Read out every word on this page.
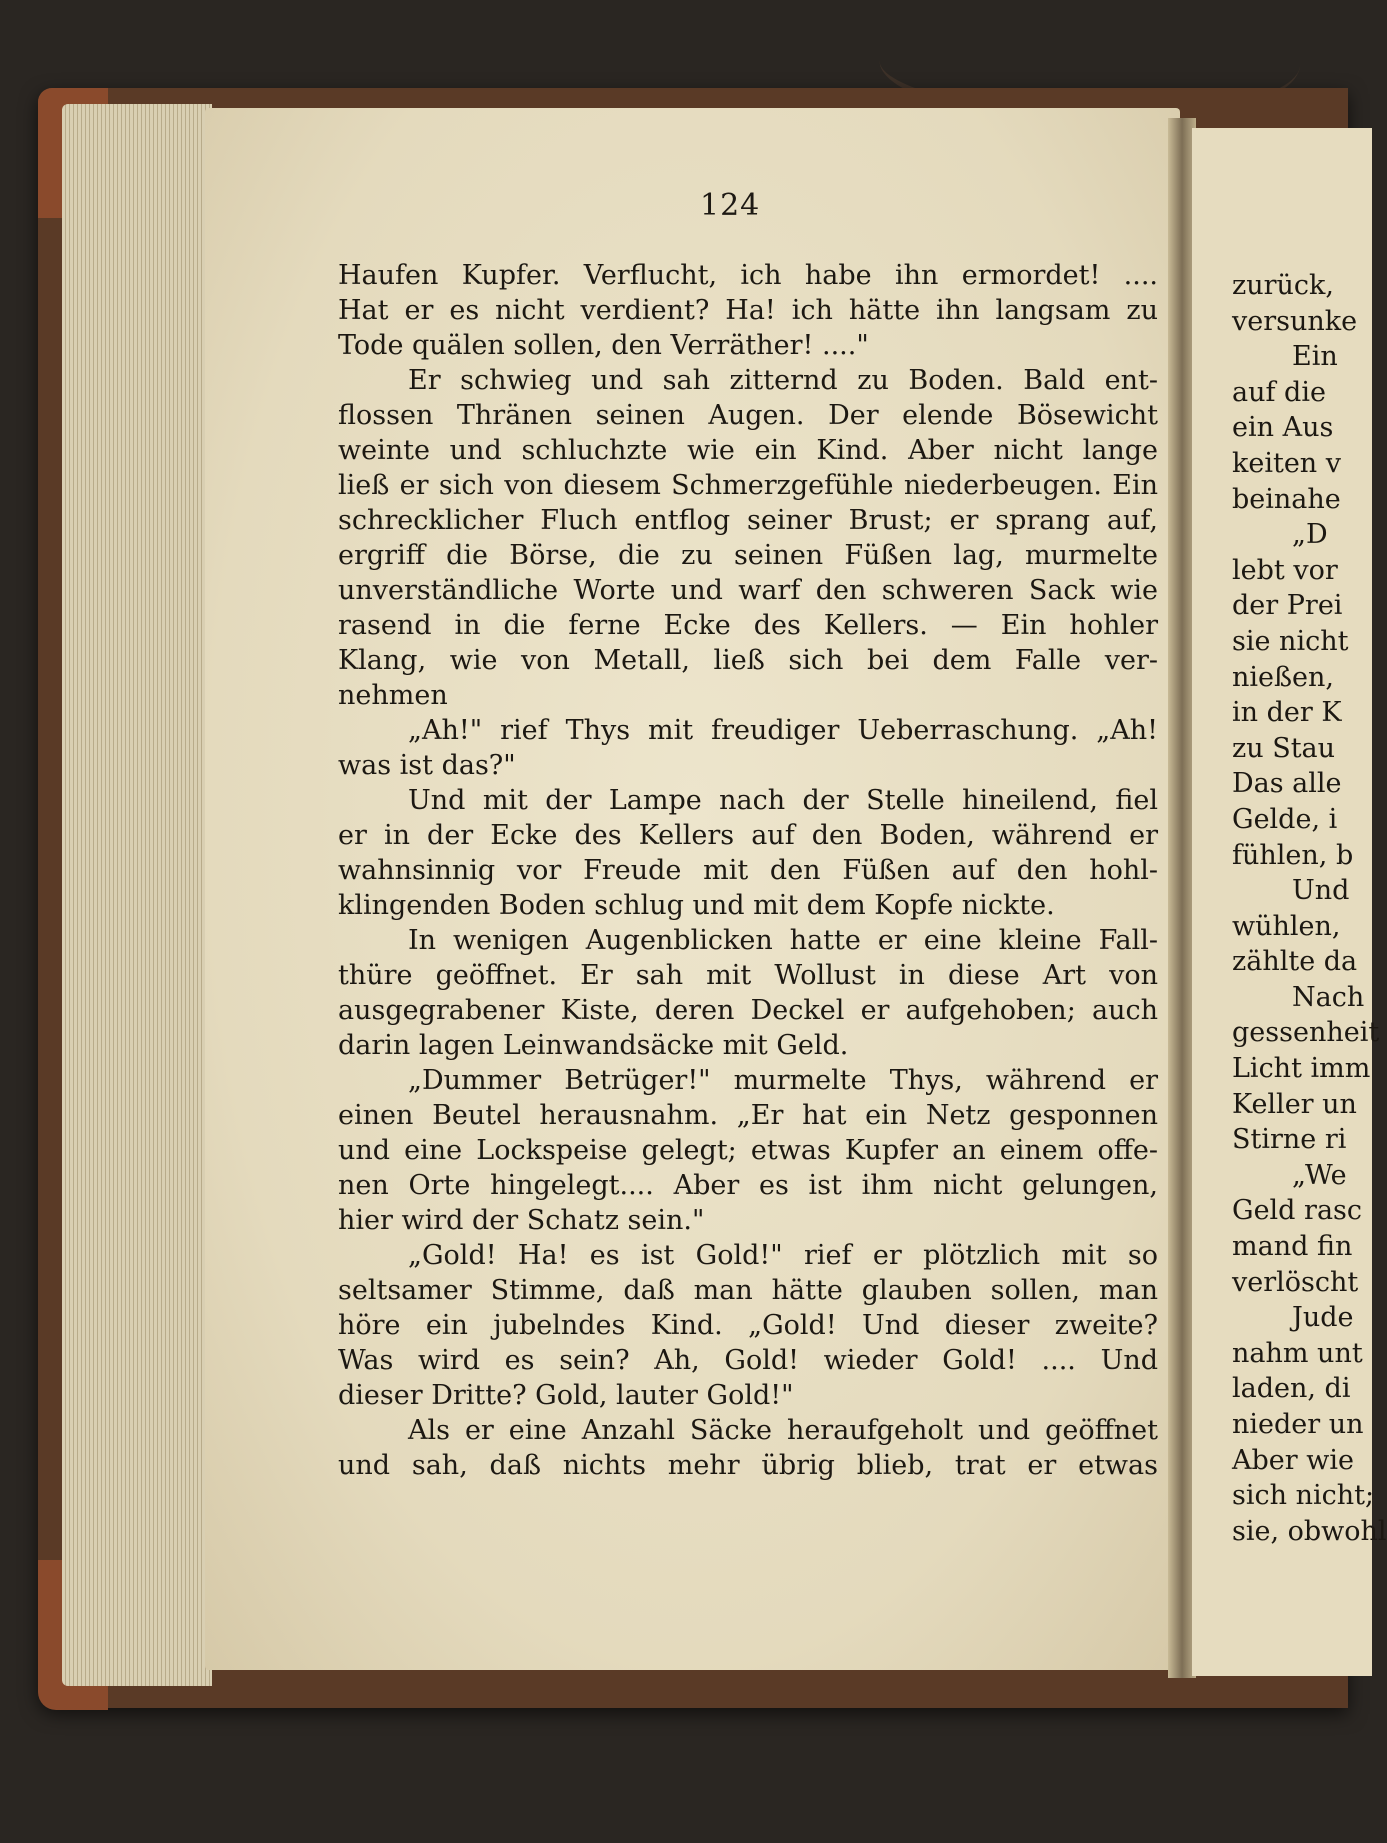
124
Haufen Kupfer. Verflucht, ich habe ihn ermordet! ....
Hat er es nicht verdient? Ha! ich hätte ihn langsam zu
Tode quälen sollen, den Verräther! ...."
Er schwieg und sah zitternd zu Boden. Bald ent-
flossen Thränen seinen Augen. Der elende Bösewicht
weinte und schluchzte wie ein Kind. Aber nicht lange
ließ er sich von diesem Schmerzgefühle niederbeugen. Ein
schrecklicher Fluch entflog seiner Brust; er sprang auf,
ergriff die Börse, die zu seinen Füßen lag, murmelte
unverständliche Worte und warf den schweren Sack wie
rasend in die ferne Ecke des Kellers. — Ein hohler
Klang, wie von Metall, ließ sich bei dem Falle ver-
nehmen
„Ah!" rief Thys mit freudiger Ueberraschung. „Ah!
was ist das?"
Und mit der Lampe nach der Stelle hineilend, fiel
er in der Ecke des Kellers auf den Boden, während er
wahnsinnig vor Freude mit den Füßen auf den hohl-
klingenden Boden schlug und mit dem Kopfe nickte.
In wenigen Augenblicken hatte er eine kleine Fall-
thüre geöffnet. Er sah mit Wollust in diese Art von
ausgegrabener Kiste, deren Deckel er aufgehoben; auch
darin lagen Leinwandsäcke mit Geld.
„Dummer Betrüger!" murmelte Thys, während er
einen Beutel herausnahm. „Er hat ein Netz gesponnen
und eine Lockspeise gelegt; etwas Kupfer an einem offe-
nen Orte hingelegt.... Aber es ist ihm nicht gelungen,
hier wird der Schatz sein."
„Gold! Ha! es ist Gold!" rief er plötzlich mit so
seltsamer Stimme, daß man hätte glauben sollen, man
höre ein jubelndes Kind. „Gold! Und dieser zweite?
Was wird es sein? Ah, Gold! wieder Gold! .... Und
dieser Dritte? Gold, lauter Gold!"
Als er eine Anzahl Säcke heraufgeholt und geöffnet
und sah, daß nichts mehr übrig blieb, trat er etwas
zurück,
versunke
Ein
auf die
ein Aus
keiten v
beinahe
„D
lebt vor
der Prei
sie nicht
nießen,
in der K
zu Stau
Das alle
Gelde, i
fühlen, b
Und
wühlen,
zählte da
Nach
gessenheit
Licht imm
Keller un
Stirne ri
„We
Geld rasc
mand fin
verlöscht
Jude
nahm unt
laden, di
nieder un
Aber wie
sich nicht;
sie, obwohl
